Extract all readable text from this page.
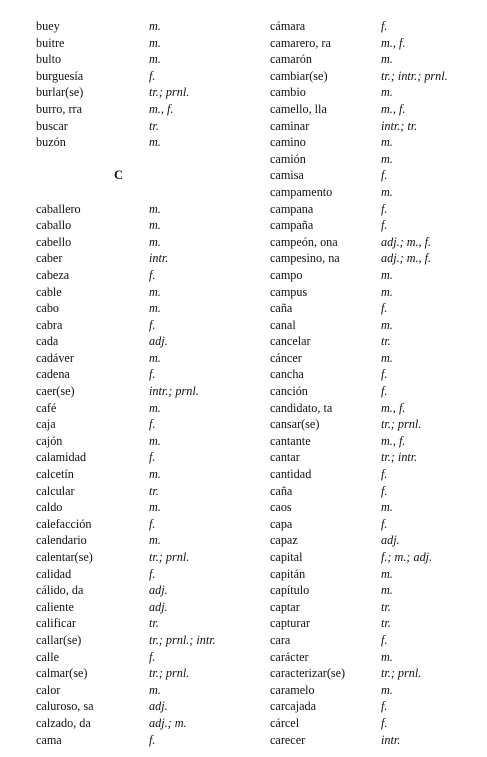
buey	m.
buitre	m.
bulto	m.
burguesía	f.
burlar(se)	tr.; prnl.
burro, rra	m., f.
buscar	tr.
buzón	m.
C
caballero	m.
caballo	m.
cabello	m.
caber	intr.
cabeza	f.
cable	m.
cabo	m.
cabra	f.
cada	adj.
cadáver	m.
cadena	f.
caer(se)	intr.; prnl.
café	m.
caja	f.
cajón	m.
calamidad	f.
calcetín	m.
calcular	tr.
caldo	m.
calefacción	f.
calendario	m.
calentar(se)	tr.; prnl.
calidad	f.
cálido, da	adj.
caliente	adj.
calificar	tr.
callar(se)	tr.; prnl.; intr.
calle	f.
calmar(se)	tr.; prnl.
calor	m.
caluroso, sa	adj.
calzado, da	adj.; m.
cama	f.
cámara	f.
camarero, ra	m., f.
camarón	m.
cambiar(se)	tr.; intr.; prnl.
cambio	m.
camello, lla	m., f.
caminar	intr.; tr.
camino	m.
camión	m.
camisa	f.
campamento	m.
campana	f.
campaña	f.
campeón, ona	adj.; m., f.
campesino, na	adj.; m., f.
campo	m.
campus	m.
caña	f.
canal	m.
cancelar	tr.
cáncer	m.
cancha	f.
canción	f.
candidato, ta	m., f.
cansar(se)	tr.; prnl.
cantante	m., f.
cantar	tr.; intr.
cantidad	f.
caña	f.
caos	m.
capa	f.
capaz	adj.
capital	f.; m.; adj.
capitán	m.
capítulo	m.
captar	tr.
capturar	tr.
cara	f.
carácter	m.
caracterizar(se)	tr.; prnl.
caramelo	m.
carcajada	f.
cárcel	f.
carecer	intr.
